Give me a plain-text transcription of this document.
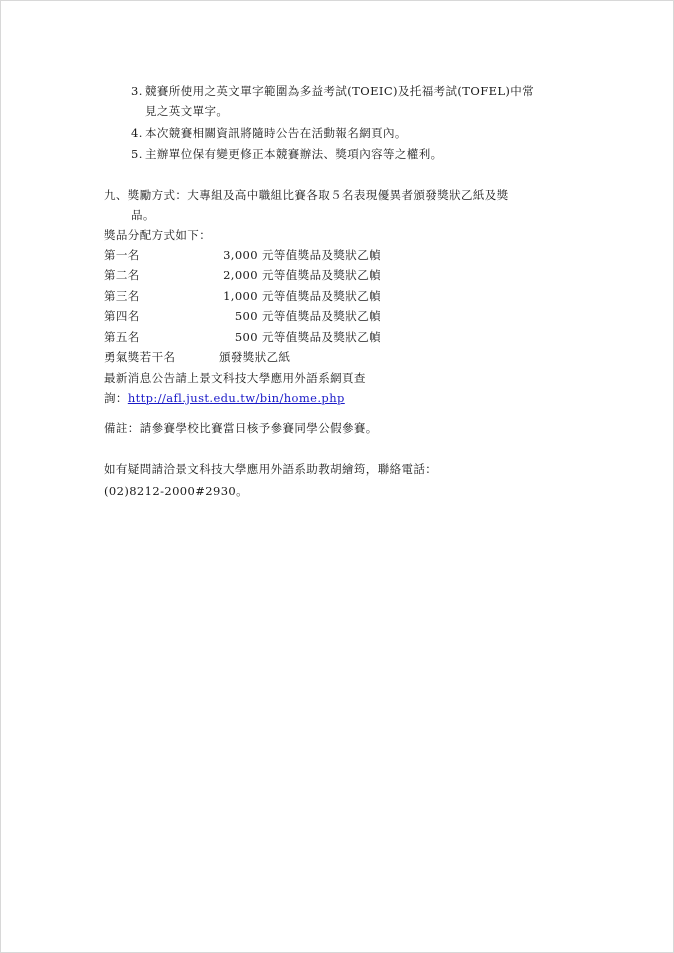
3. 競賽所使用之英文單字範圍為多益考試(TOEIC)及托福考試(TOFEL)中常
見之英文單字。
4. 本次競賽相關資訊將隨時公告在活動報名網頁內。
5. 主辦單位保有變更修正本競賽辦法、獎項內容等之權利。
九、獎勵方式：大專組及高中職組比賽各取５名表現優異者頒發獎狀乙紙及獎
品。
獎品分配方式如下：
第一名	3,000 元等值獎品及獎狀乙幀
第二名	2,000 元等值獎品及獎狀乙幀
第三名	1,000 元等值獎品及獎狀乙幀
第四名	500 元等值獎品及獎狀乙幀
第五名	500 元等值獎品及獎狀乙幀
勇氣獎若干名	頒發獎狀乙紙
最新消息公告請上景文科技大學應用外語系網頁查
詢：http://afl.just.edu.tw/bin/home.php
備註：請參賽學校比賽當日核予參賽同學公假參賽。
如有疑問請洽景文科技大學應用外語系助教胡繪筠，聯絡電話：
(02)8212-2000#2930。
